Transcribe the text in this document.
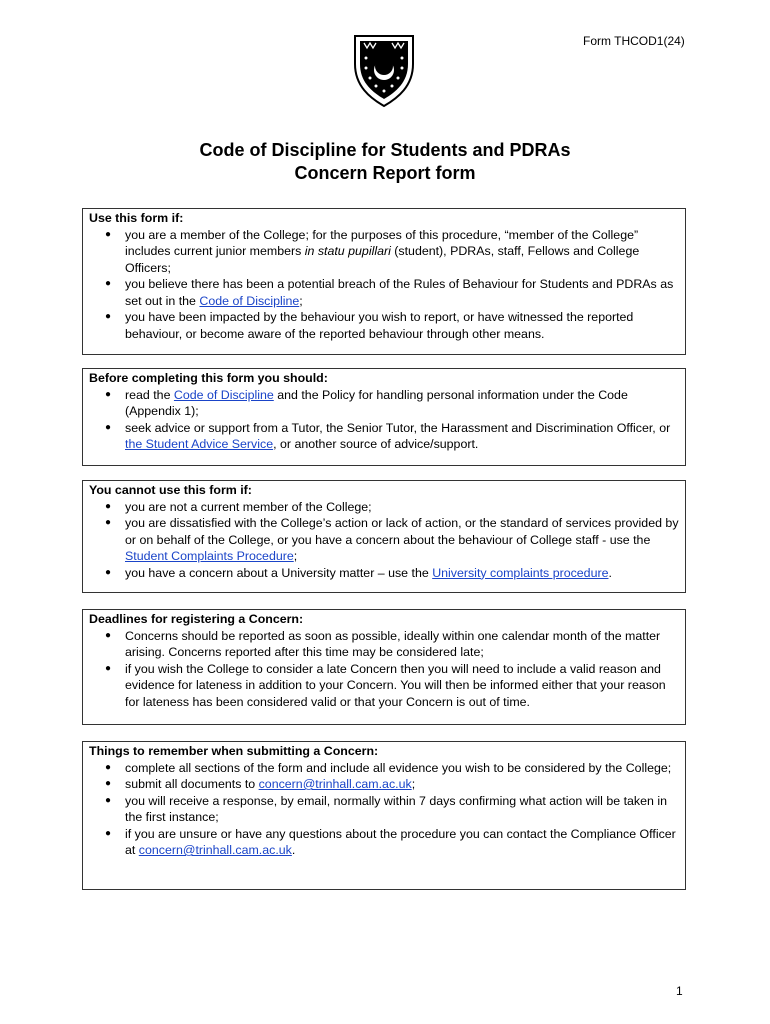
Form THCOD1(24)
Code of Discipline for Students and PDRAs
Concern Report form
Use this form if:
● you are a member of the College; for the purposes of this procedure, “member of the College” includes current junior members in statu pupillari (student), PDRAs, staff, Fellows and College Officers;
● you believe there has been a potential breach of the Rules of Behaviour for Students and PDRAs as set out in the Code of Discipline;
● you have been impacted by the behaviour you wish to report, or have witnessed the reported behaviour, or become aware of the reported behaviour through other means.
Before completing this form you should:
● read the Code of Discipline and the Policy for handling personal information under the Code (Appendix 1);
● seek advice or support from a Tutor, the Senior Tutor, the Harassment and Discrimination Officer, or the Student Advice Service, or another source of advice/support.
You cannot use this form if:
● you are not a current member of the College;
● you are dissatisfied with the College’s action or lack of action, or the standard of services provided by or on behalf of the College, or you have a concern about the behaviour of College staff - use the Student Complaints Procedure;
● you have a concern about a University matter – use the University complaints procedure.
Deadlines for registering a Concern:
● Concerns should be reported as soon as possible, ideally within one calendar month of the matter arising. Concerns reported after this time may be considered late;
● if you wish the College to consider a late Concern then you will need to include a valid reason and evidence for lateness in addition to your Concern. You will then be informed either that your reason for lateness has been considered valid or that your Concern is out of time.
Things to remember when submitting a Concern:
● complete all sections of the form and include all evidence you wish to be considered by the College;
● submit all documents to concern@trinhall.cam.ac.uk;
● you will receive a response, by email, normally within 7 days confirming what action will be taken in the first instance;
● if you are unsure or have any questions about the procedure you can contact the Compliance Officer at concern@trinhall.cam.ac.uk.
1
